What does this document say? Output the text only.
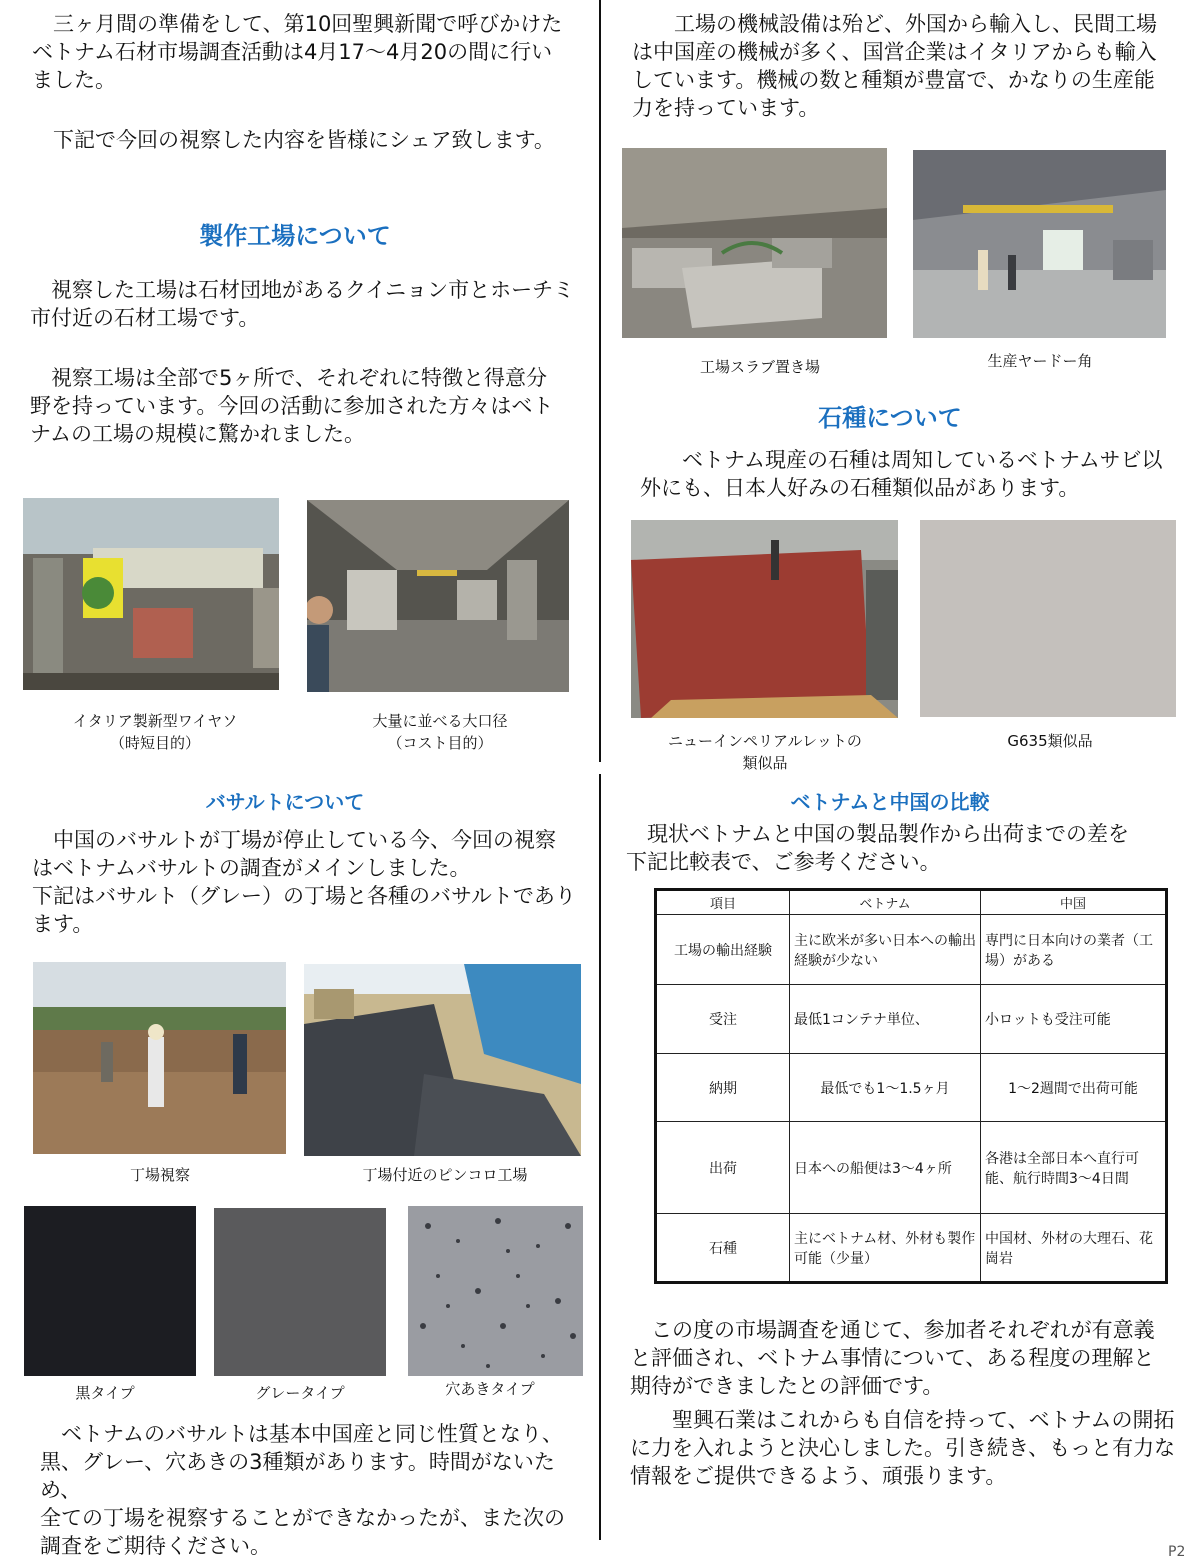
　三ヶ月間の準備をして、第10回聖興新聞で呼びかけた
ベトナム石材市場調査活動は4月17～4月20の間に行い
ました。

　下記で今回の視察した内容を皆様にシェア致します。

製作工場について

　視察した工場は石材団地があるクイニョン市とホーチミ
市付近の石材工場です。

　視察工場は全部で5ヶ所で、それぞれに特徴と得意分
野を持っています。今回の活動に参加された方々はベト
ナムの工場の規模に驚かれました。

イタリア製新型ワイヤソ
（時短目的）
大量に並べる大口径
（コスト目的）
バサルトについて

　中国のバサルトが丁場が停止している今、今回の視察
はベトナムバサルトの調査がメインしました。
下記はバサルト（グレー）の丁場と各種のバサルトであり
ます。

丁場視察	丁場付近のピンコロ工場
黒タイプ	グレータイプ	穴あきタイプ

　ベトナムのバサルトは基本中国産と同じ性質となり、
黒、グレー、穴あきの3種類があります。時間がないため、
全ての丁場を視察することができなかったが、また次の
調査をご期待ください。

　　工場の機械設備は殆ど、外国から輸入し、民間工場
は中国産の機械が多く、国営企業はイタリアからも輸入
しています。機械の数と種類が豊富で、かなりの生産能
力を持っています。

工場スラブ置き場	生産ヤードー角
石種について

　　ベトナム現産の石種は周知しているベトナムサビ以
外にも、日本人好みの石種類似品があります。

ニューインペリアルレットの
類似品
G635類似品
ベトナムと中国の比較

　現状ベトナムと中国の製品製作から出荷までの差を
下記比較表で、ご参考ください。

項目	ベトナム	中国
工場の輸出経験	主に欧米が多い日本への輸出経験が少ない	専門に日本向けの業者（工場）がある
受注	最低1コンテナ単位、	小ロットも受注可能
納期	最低でも1～1.5ヶ月	1～2週間で出荷可能
出荷	日本への船便は3～4ヶ所	各港は全部日本へ直行可能、航行時間3～4日間
石種	主にベトナム材、外材も製作可能（少量）	中国材、外材の大理石、花崗岩

　この度の市場調査を通じて、参加者それぞれが有意義
と評価され、ベトナム事情について、ある程度の理解と
期待ができましたとの評価です。

　　聖興石業はこれからも自信を持って、ベトナムの開拓
に力を入れようと決心しました。引き続き、もっと有力な
情報をご提供できるよう、頑張ります。

P2
